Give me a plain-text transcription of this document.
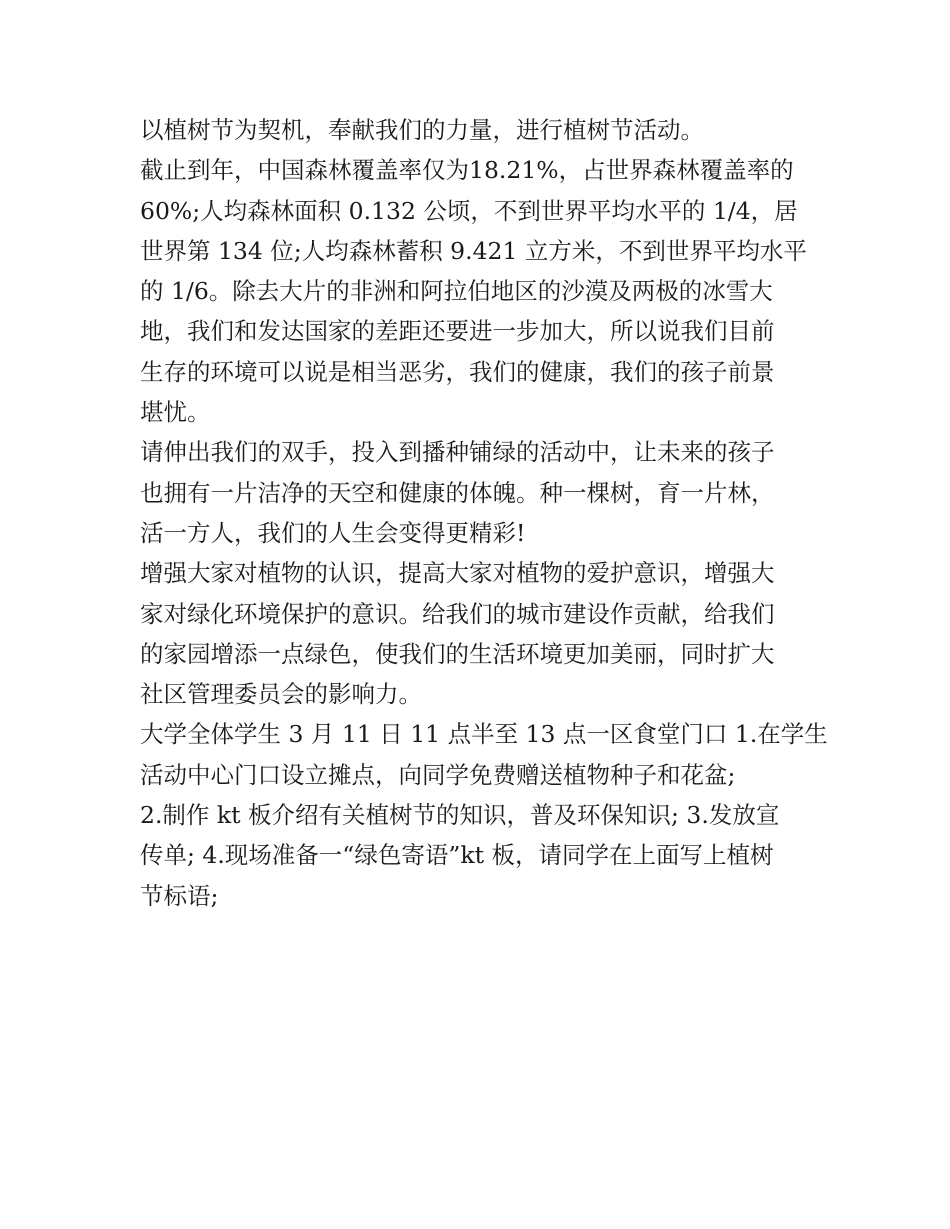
以植树节为契机，奉献我们的力量，进行植树节活动。

截止到年，中国森林覆盖率仅为18.21%，占世界森林覆盖率的
60%;人均森林面积 0.132 公顷，不到世界平均水平的 1/4，居
世界第 134 位;人均森林蓄积 9.421 立方米，不到世界平均水平
的 1/6。除去大片的非洲和阿拉伯地区的沙漠及两极的冰雪大
地，我们和发达国家的差距还要进一步加大，所以说我们目前
生存的环境可以说是相当恶劣，我们的健康，我们的孩子前景
堪忧。

请伸出我们的双手，投入到播种铺绿的活动中，让未来的孩子
也拥有一片洁净的天空和健康的体魄。种一棵树，育一片林，
活一方人，我们的人生会变得更精彩!

增强大家对植物的认识，提高大家对植物的爱护意识，增强大
家对绿化环境保护的意识。给我们的城市建设作贡献，给我们
的家园增添一点绿色，使我们的生活环境更加美丽，同时扩大
社区管理委员会的影响力。

大学全体学生 3 月 11 日 11 点半至 13 点一区食堂门口 1.在学生
活动中心门口设立摊点，向同学免费赠送植物种子和花盆;
2.制作 kt 板介绍有关植树节的知识，普及环保知识; 3.发放宣
传单; 4.现场准备一“绿色寄语”kt 板，请同学在上面写上植树
节标语;
